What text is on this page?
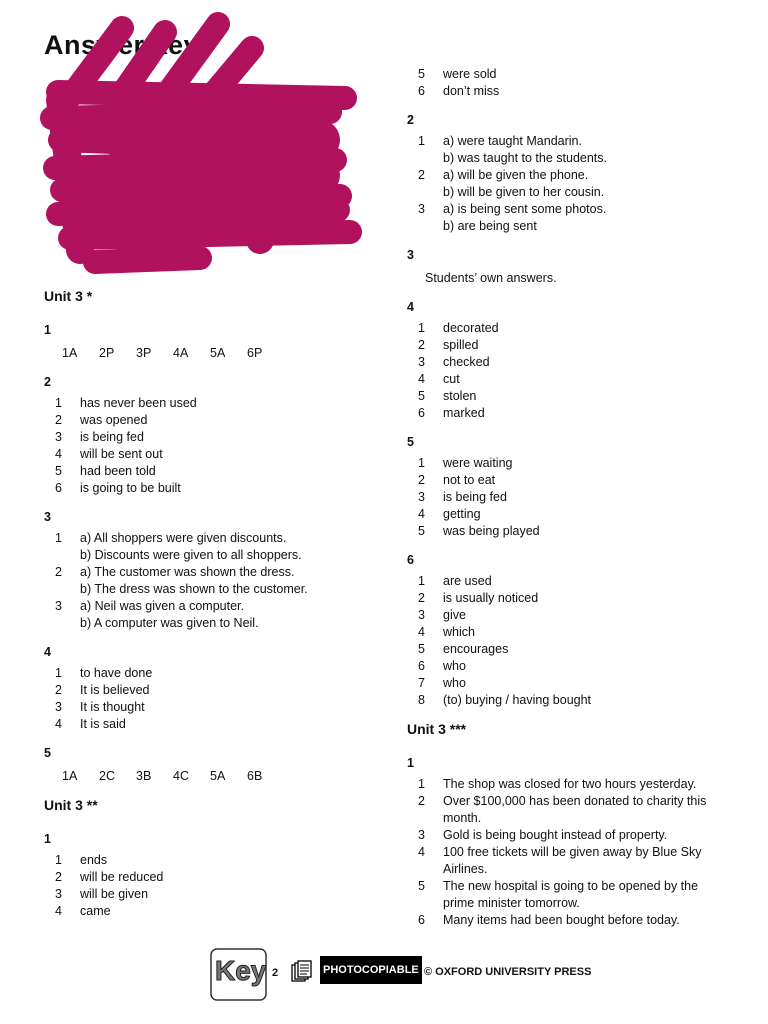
Answer key
Unit 3 *
1
1A	2P	3P	4A	5A	6P
2
1 has never been used
2 was opened
3 is being fed
4 will be sent out
5 had been told
6 is going to be built
3
1 a) All shoppers were given discounts.
b) Discounts were given to all shoppers.
2 a) The customer was shown the dress.
b) The dress was shown to the customer.
3 a) Neil was given a computer.
b) A computer was given to Neil.
4
1 to have done
2 It is believed
3 It is thought
4 It is said
5
1A	2C	3B	4C	5A	6B
Unit 3 **
1
1 ends
2 will be reduced
3 will be given
4 came
5 were sold
6 don’t miss
2
1 a) were taught Mandarin.
b) was taught to the students.
2 a) will be given the phone.
b) will be given to her cousin.
3 a) is being sent some photos.
b) are being sent
3
Students’ own answers.
4
1 decorated
2 spilled
3 checked
4 cut
5 stolen
6 marked
5
1 were waiting
2 not to eat
3 is being fed
4 getting
5 was being played
6
1 are used
2 is usually noticed
3 give
4 which
5 encourages
6 who
7 who
8 (to) buying / having bought
Unit 3 ***
1
1 The shop was closed for two hours yesterday.
2 Over $100,000 has been donated to charity this
month.
3 Gold is being bought instead of property.
4 100 free tickets will be given away by Blue Sky
Airlines.
5 The new hospital is going to be opened by the
prime minister tomorrow.
6 Many items had been bought before today.
Key 2	PHOTOCOPIABLE © OXFORD UNIVERSITY PRESS
